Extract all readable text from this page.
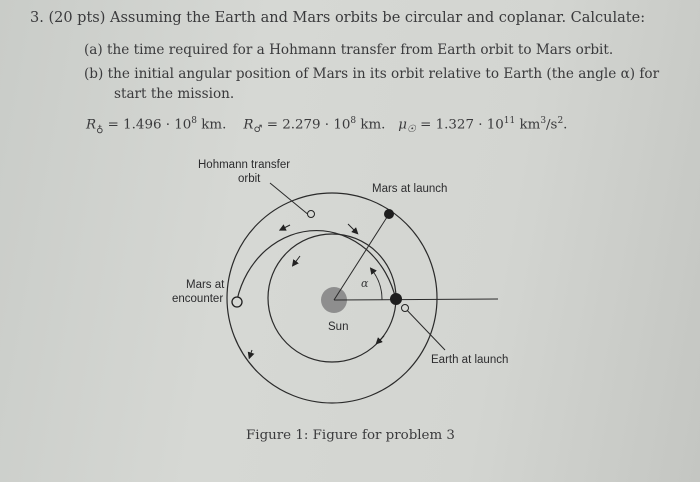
3. (20 pts) Assuming the Earth and Mars orbits be circular and coplanar. Calculate:
(a) the time required for a Hohmann transfer from Earth orbit to Mars orbit.
(b) the initial angular position of Mars in its orbit relative to Earth (the angle α) for
start the mission.
$R_♁ = 1.496 \cdot 10^8$ km. $R_♂ = 2.279 \cdot 10^8$ km. $\mu_☉ = 1.327 \cdot 10^{11}$ $km^3/s^2$.
Hohmann transfer
orbit
Mars at launch
Mars at
encounter
Sun
Earth at launch
α
Figure 1: Figure for problem 3
